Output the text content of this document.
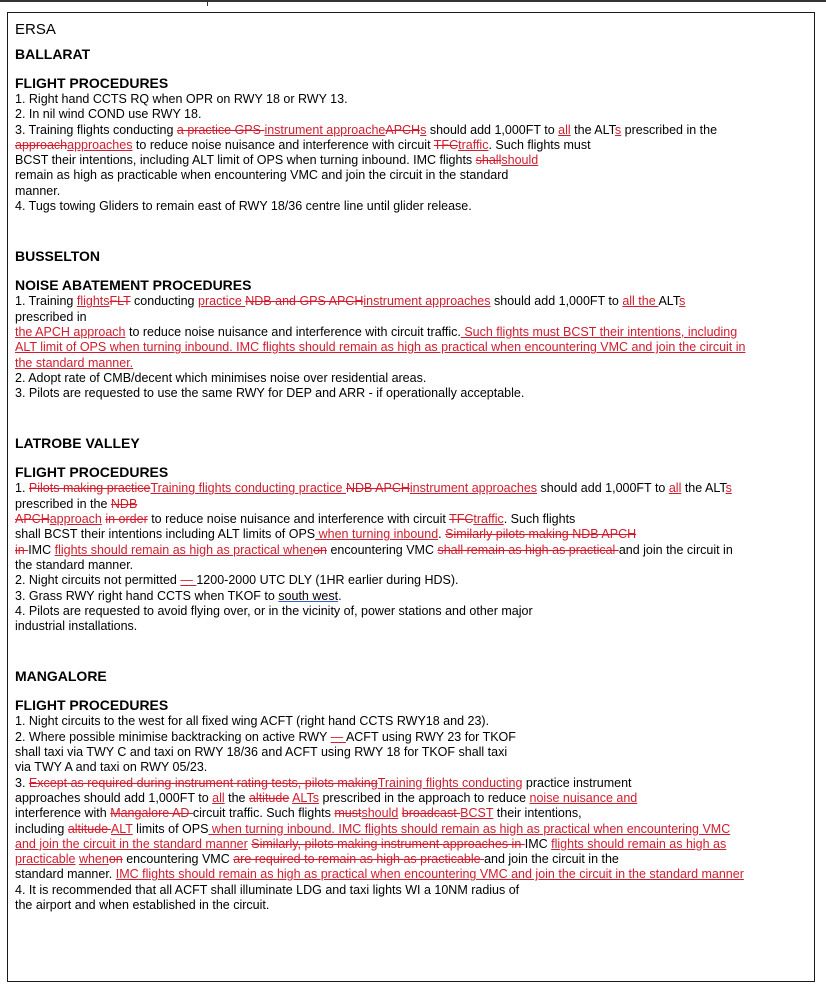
ERSA
BALLARAT
FLIGHT PROCEDURES
1. Right hand CCTS RQ when OPR on RWY 18 or RWY 13.
2. In nil wind COND use RWY 18.
3. Training flights conducting a practice GPS instrument approacheAPCHs should add 1,000FT to all the ALTs prescribed in the
approachapproaches to reduce noise nuisance and interference with circuit TFCtraffic. Such flights must
BCST their intentions, including ALT limit of OPS when turning inbound. IMC flights shallshould
remain as high as practicable when encountering VMC and join the circuit in the standard
manner.
4. Tugs towing Gliders to remain east of RWY 18/36 centre line until glider release.
BUSSELTON
NOISE ABATEMENT PROCEDURES
1. Training flightsFLT conducting practice NDB and GPS APCHinstrument approaches should add 1,000FT to all the ALTs
prescribed in
the APCH approach to reduce noise nuisance and interference with circuit traffic. Such flights must BCST their intentions, including
ALT limit of OPS when turning inbound. IMC flights should remain as high as practical when encountering VMC and join the circuit in
the standard manner.
2. Adopt rate of CMB/decent which minimises noise over residential areas.
3. Pilots are requested to use the same RWY for DEP and ARR - if operationally acceptable.
LATROBE VALLEY
FLIGHT PROCEDURES
1. Pilots making practiceTraining flights conducting practice NDB APCHinstrument approaches should add 1,000FT to all the ALTs
prescribed in the NDB
APCHapproach in order to reduce noise nuisance and interference with circuit TFCtraffic. Such flights
shall BCST their intentions including ALT limits of OPS when turning inbound. Similarly pilots making NDB APCH
in IMC flights should remain as high as practical whenon encountering VMC shall remain as high as practical and join the circuit in
the standard manner.
2. Night circuits not permitted — 1200-2000 UTC DLY (1HR earlier during HDS).
3. Grass RWY right hand CCTS when TKOF to south west.
4. Pilots are requested to avoid flying over, or in the vicinity of, power stations and other major
industrial installations.
MANGALORE
FLIGHT PROCEDURES
1. Night circuits to the west for all fixed wing ACFT (right hand CCTS RWY18 and 23).
2. Where possible minimise backtracking on active RWY — ACFT using RWY 23 for TKOF
shall taxi via TWY C and taxi on RWY 18/36 and ACFT using RWY 18 for TKOF shall taxi
via TWY A and taxi on RWY 05/23.
3. Except as required during instrument rating tests, pilots makingTraining flights conducting practice instrument
approaches should add 1,000FT to all the altitude ALTs prescribed in the approach to reduce noise nuisance and
interference with Mangalore AD circuit traffic. Such flights mustshould broadcast BCST their intentions,
including altitude ALT limits of OPS when turning inbound. IMC flights should remain as high as practical when encountering VMC
and join the circuit in the standard manner Similarly, pilots making instrument approaches in IMC flights should remain as high as
practicable whenon encountering VMC are required to remain as high as practicable and join the circuit in the
standard manner. IMC flights should remain as high as practical when encountering VMC and join the circuit in the standard manner
4. It is recommended that all ACFT shall illuminate LDG and taxi lights WI a 10NM radius of
the airport and when established in the circuit.
